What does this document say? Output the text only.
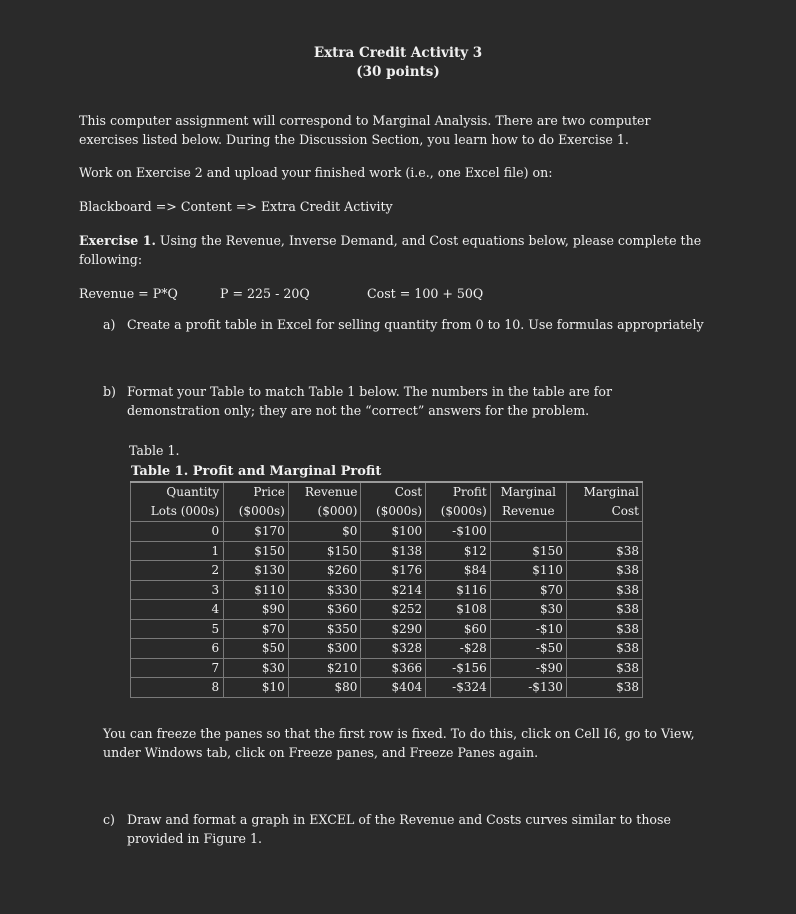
Extra Credit Activity 3
(30 points)
This computer assignment will correspond to Marginal Analysis. There are two computer exercises listed below. During the Discussion Section, you learn how to do Exercise 1.
Work on Exercise 2 and upload your finished work (i.e., one Excel file) on:
Blackboard => Content => Extra Credit Activity
Exercise 1. Using the Revenue, Inverse Demand, and Cost equations below, please complete the following:
Revenue = P*Q	P = 225 - 20Q	Cost = 100 + 50Q
a) Create a profit table in Excel for selling quantity from 0 to 10. Use formulas appropriately
b) Format your Table to match Table 1 below. The numbers in the table are for demonstration only; they are not the “correct” answers for the problem.
Table 1.
Table 1. Profit and Marginal Profit
Quantity	Price	Revenue	Cost	Profit	Marginal	Marginal
Lots (000s)	($000s)	($000)	($000s)	($000s)	Revenue	Cost
0	$170	$0	$100	-$100		
1	$150	$150	$138	$12	$150	$38
2	$130	$260	$176	$84	$110	$38
3	$110	$330	$214	$116	$70	$38
4	$90	$360	$252	$108	$30	$38
5	$70	$350	$290	$60	-$10	$38
6	$50	$300	$328	-$28	-$50	$38
7	$30	$210	$366	-$156	-$90	$38
8	$10	$80	$404	-$324	-$130	$38
You can freeze the panes so that the first row is fixed. To do this, click on Cell I6, go to View, under Windows tab, click on Freeze panes, and Freeze Panes again.
c) Draw and format a graph in EXCEL of the Revenue and Costs curves similar to those provided in Figure 1.
